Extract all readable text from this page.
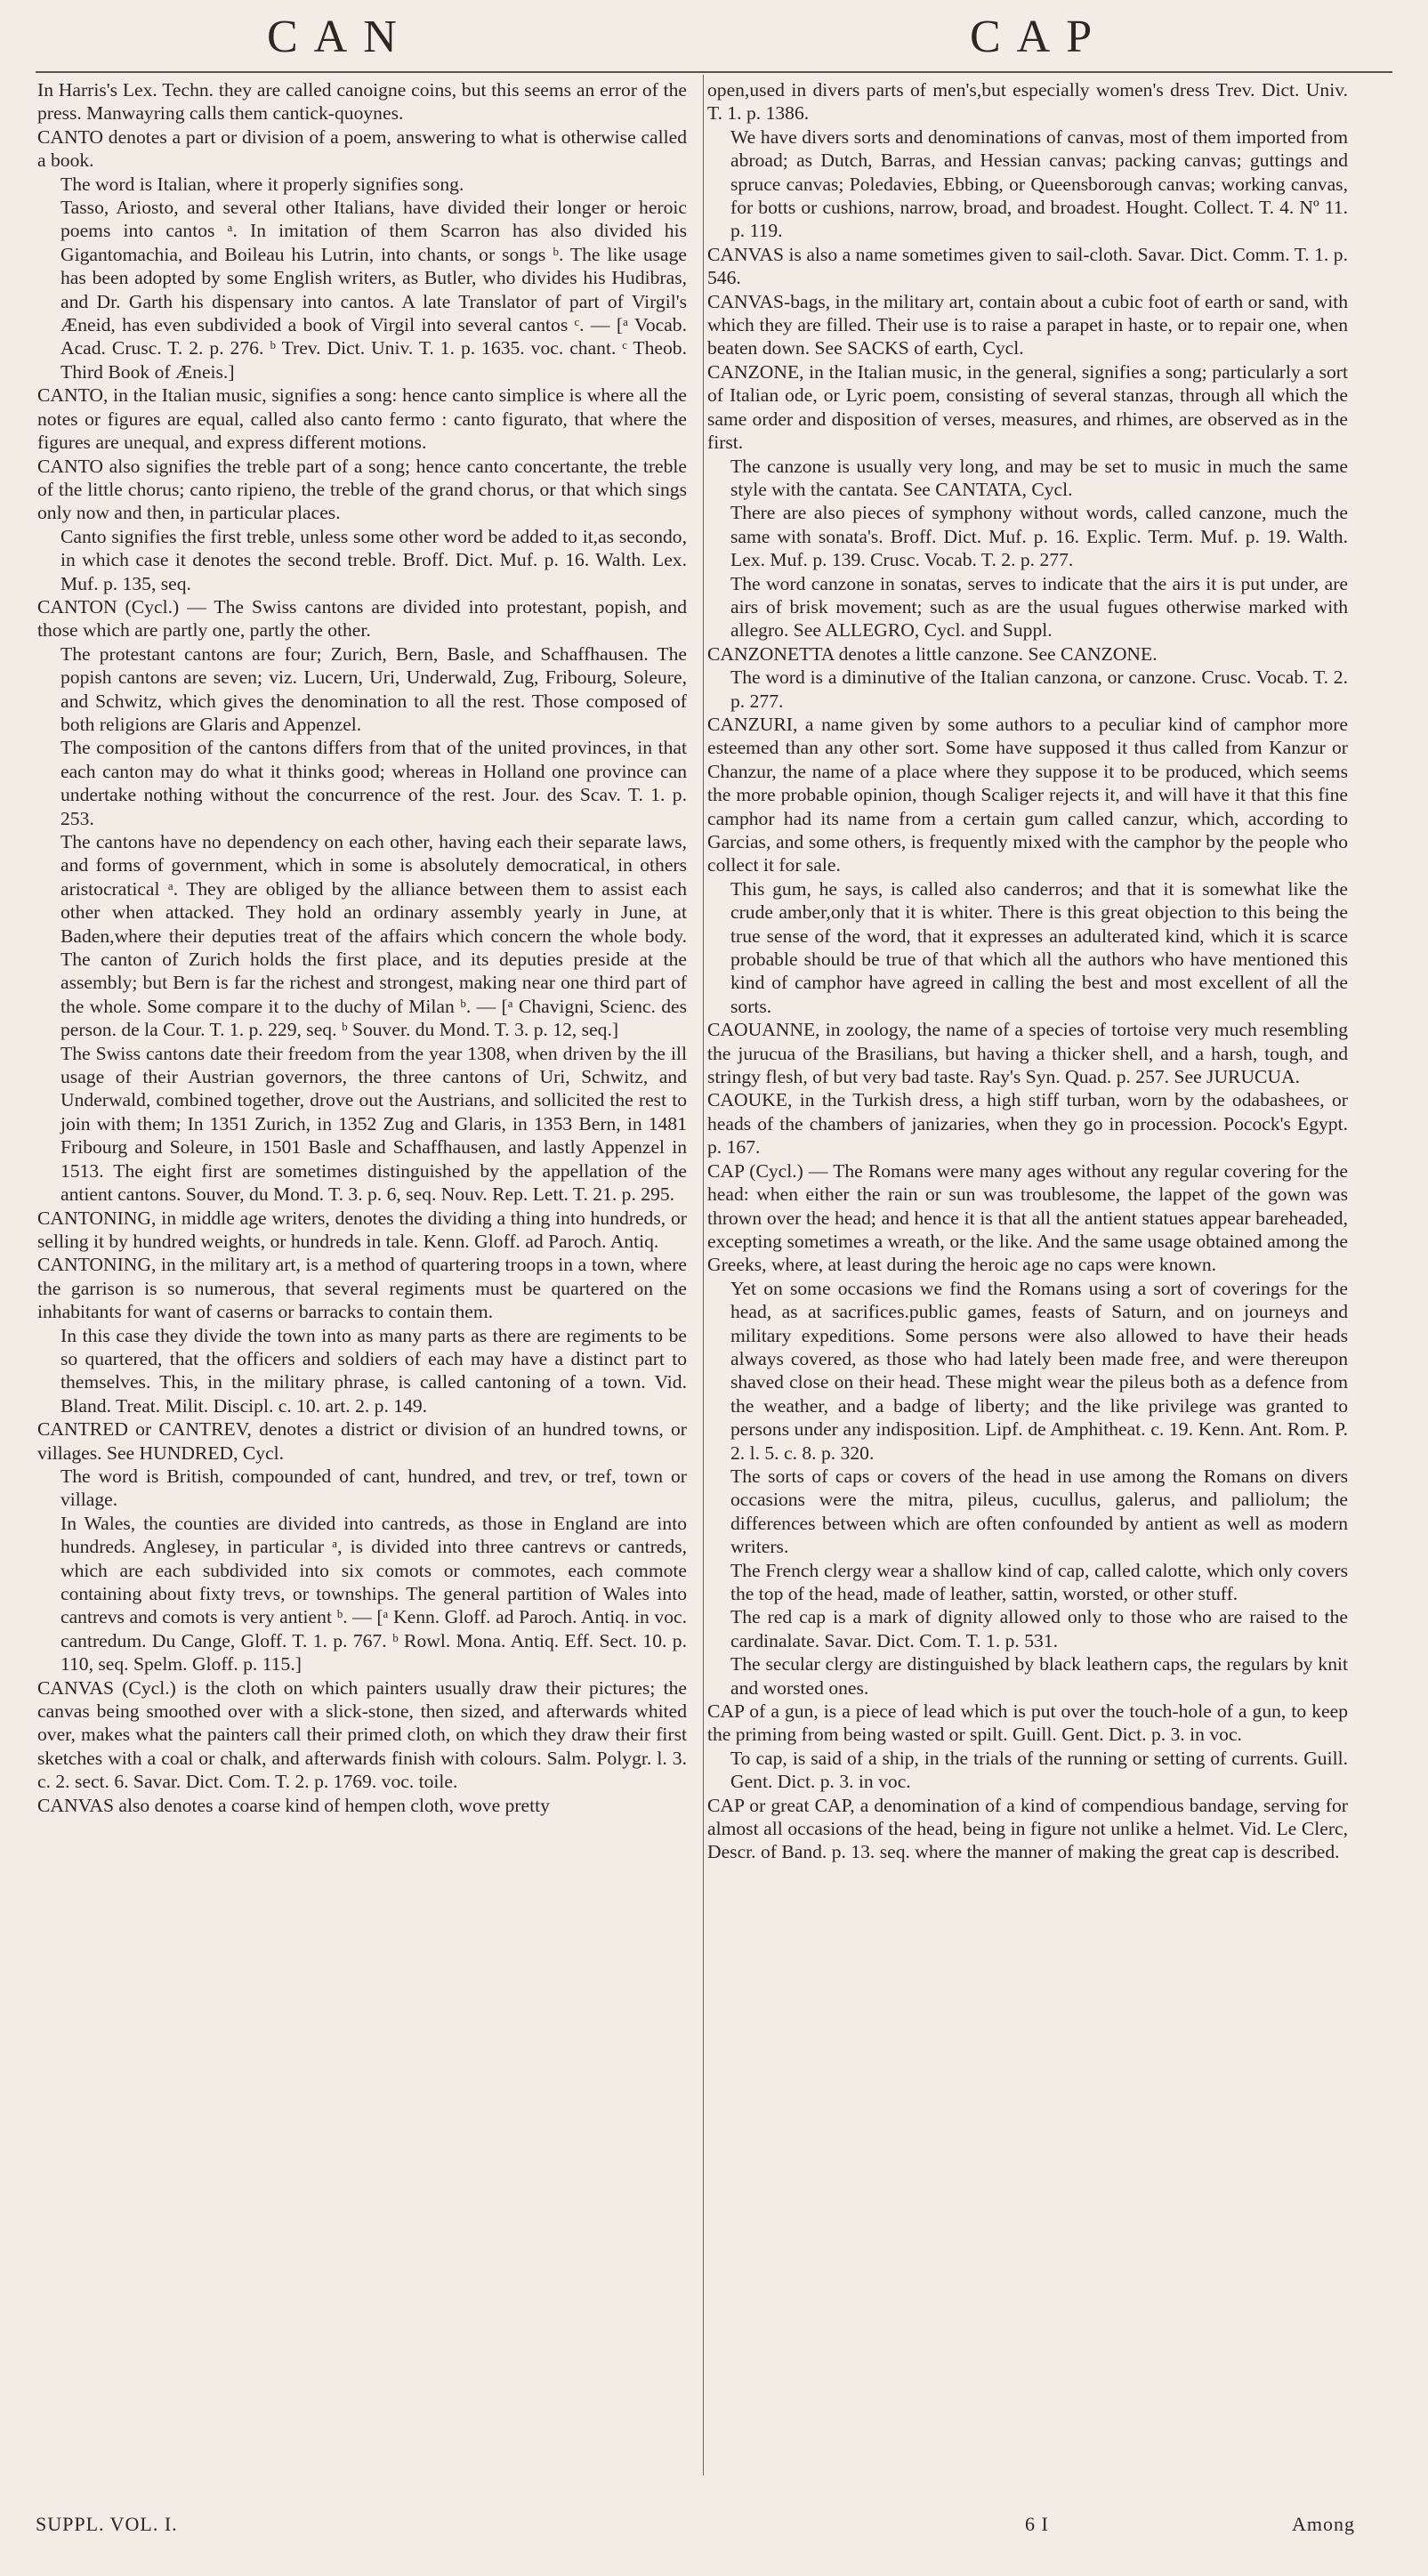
CAN	CAP

In Harris's Lex. Techn. they are called canoigne coins, but this seems an error of the press. Manwayring calls them cantick-quoynes.

CANTO denotes a part or division of a poem, answering to what is otherwise called a book.

The word is Italian, where it properly signifies song.

Tasso, Ariosto, and several other Italians, have divided their longer or heroic poems into cantos ᵃ. In imitation of them Scarron has also divided his Gigantomachia, and Boileau his Lutrin, into chants, or songs ᵇ. The like usage has been adopted by some English writers, as Butler, who divides his Hudibras, and Dr. Garth his dispensary into cantos. A late Translator of part of Virgil's Æneid, has even subdivided a book of Virgil into several cantos ᶜ. — [ᵃ Vocab. Acad. Crusc. T. 2. p. 276. ᵇ Trev. Dict. Univ. T. 1. p. 1635. voc. chant. ᶜ Theob. Third Book of Æneis.]

CANTO, in the Italian music, signifies a song: hence canto simplice is where all the notes or figures are equal, called also canto fermo : canto figurato, that where the figures are unequal, and express different motions.

CANTO also signifies the treble part of a song; hence canto concertante, the treble of the little chorus; canto ripieno, the treble of the grand chorus, or that which sings only now and then, in particular places.

Canto signifies the first treble, unless some other word be added to it,as secondo, in which case it denotes the second treble. Broff. Dict. Muf. p. 16. Walth. Lex. Muf. p. 135, seq.

CANTON (Cycl.) — The Swiss cantons are divided into protestant, popish, and those which are partly one, partly the other.

The protestant cantons are four; Zurich, Bern, Basle, and Schaffhausen. The popish cantons are seven; viz. Lucern, Uri, Underwald, Zug, Fribourg, Soleure, and Schwitz, which gives the denomination to all the rest. Those composed of both religions are Glaris and Appenzel.

The composition of the cantons differs from that of the united provinces, in that each canton may do what it thinks good; whereas in Holland one province can undertake nothing without the concurrence of the rest. Jour. des Scav. T. 1. p. 253.

The cantons have no dependency on each other, having each their separate laws, and forms of government, which in some is absolutely democratical, in others aristocratical ᵃ. They are obliged by the alliance between them to assist each other when attacked. They hold an ordinary assembly yearly in June, at Baden,where their deputies treat of the affairs which concern the whole body. The canton of Zurich holds the first place, and its deputies preside at the assembly; but Bern is far the richest and strongest, making near one third part of the whole. Some compare it to the duchy of Milan ᵇ. — [ᵃ Chavigni, Scienc. des person. de la Cour. T. 1. p. 229, seq. ᵇ Souver. du Mond. T. 3. p. 12, seq.]

The Swiss cantons date their freedom from the year 1308, when driven by the ill usage of their Austrian governors, the three cantons of Uri, Schwitz, and Underwald, combined together, drove out the Austrians, and sollicited the rest to join with them; In 1351 Zurich, in 1352 Zug and Glaris, in 1353 Bern, in 1481 Fribourg and Soleure, in 1501 Basle and Schaffhausen, and lastly Appenzel in 1513. The eight first are sometimes distinguished by the appellation of the antient cantons. Souver, du Mond. T. 3. p. 6, seq. Nouv. Rep. Lett. T. 21. p. 295.

CANTONING, in middle age writers, denotes the dividing a thing into hundreds, or selling it by hundred weights, or hundreds in tale. Kenn. Gloff. ad Paroch. Antiq.

CANTONING, in the military art, is a method of quartering troops in a town, where the garrison is so numerous, that several regiments must be quartered on the inhabitants for want of caserns or barracks to contain them.

In this case they divide the town into as many parts as there are regiments to be so quartered, that the officers and soldiers of each may have a distinct part to themselves. This, in the military phrase, is called cantoning of a town. Vid. Bland. Treat. Milit. Discipl. c. 10. art. 2. p. 149.

CANTRED or CANTREV, denotes a district or division of an hundred towns, or villages. See HUNDRED, Cycl.

The word is British, compounded of cant, hundred, and trev, or tref, town or village.

In Wales, the counties are divided into cantreds, as those in England are into hundreds. Anglesey, in particular ᵃ, is divided into three cantrevs or cantreds, which are each subdivided into six comots or commotes, each commote containing about fixty trevs, or townships. The general partition of Wales into cantrevs and comots is very antient ᵇ. — [ᵃ Kenn. Gloff. ad Paroch. Antiq. in voc. cantredum. Du Cange, Gloff. T. 1. p. 767. ᵇ Rowl. Mona. Antiq. Eff. Sect. 10. p. 110, seq. Spelm. Gloff. p. 115.]

CANVAS (Cycl.) is the cloth on which painters usually draw their pictures; the canvas being smoothed over with a slick-stone, then sized, and afterwards whited over, makes what the painters call their primed cloth, on which they draw their first sketches with a coal or chalk, and afterwards finish with colours. Salm. Polygr. l. 3. c. 2. sect. 6. Savar. Dict. Com. T. 2. p. 1769. voc. toile.

CANVAS also denotes a coarse kind of hempen cloth, wove pretty

open,used in divers parts of men's,but especially women's dress Trev. Dict. Univ. T. 1. p. 1386.

We have divers sorts and denominations of canvas, most of them imported from abroad; as Dutch, Barras, and Hessian canvas; packing canvas; guttings and spruce canvas; Poledavies, Ebbing, or Queensborough canvas; working canvas, for botts or cushions, narrow, broad, and broadest. Hought. Collect. T. 4. Nº 11. p. 119.

CANVAS is also a name sometimes given to sail-cloth. Savar. Dict. Comm. T. 1. p. 546.

CANVAS-bags, in the military art, contain about a cubic foot of earth or sand, with which they are filled. Their use is to raise a parapet in haste, or to repair one, when beaten down. See SACKS of earth, Cycl.

CANZONE, in the Italian music, in the general, signifies a song; particularly a sort of Italian ode, or Lyric poem, consisting of several stanzas, through all which the same order and disposition of verses, measures, and rhimes, are observed as in the first.

The canzone is usually very long, and may be set to music in much the same style with the cantata. See CANTATA, Cycl.

There are also pieces of symphony without words, called canzone, much the same with sonata's. Broff. Dict. Muf. p. 16. Explic. Term. Muf. p. 19. Walth. Lex. Muf. p. 139. Crusc. Vocab. T. 2. p. 277.

The word canzone in sonatas, serves to indicate that the airs it is put under, are airs of brisk movement; such as are the usual fugues otherwise marked with allegro. See ALLEGRO, Cycl. and Suppl.

CANZONETTA denotes a little canzone. See CANZONE.

The word is a diminutive of the Italian canzona, or canzone. Crusc. Vocab. T. 2. p. 277.

CANZURI, a name given by some authors to a peculiar kind of camphor more esteemed than any other sort. Some have supposed it thus called from Kanzur or Chanzur, the name of a place where they suppose it to be produced, which seems the more probable opinion, though Scaliger rejects it, and will have it that this fine camphor had its name from a certain gum called canzur, which, according to Garcias, and some others, is frequently mixed with the camphor by the people who collect it for sale.

This gum, he says, is called also canderros; and that it is somewhat like the crude amber,only that it is whiter. There is this great objection to this being the true sense of the word, that it expresses an adulterated kind, which it is scarce probable should be true of that which all the authors who have mentioned this kind of camphor have agreed in calling the best and most excellent of all the sorts.

CAOUANNE, in zoology, the name of a species of tortoise very much resembling the jurucua of the Brasilians, but having a thicker shell, and a harsh, tough, and stringy flesh, of but very bad taste. Ray's Syn. Quad. p. 257. See JURUCUA.

CAOUKE, in the Turkish dress, a high stiff turban, worn by the odabashees, or heads of the chambers of janizaries, when they go in procession. Pocock's Egypt. p. 167.

CAP (Cycl.) — The Romans were many ages without any regular covering for the head: when either the rain or sun was troublesome, the lappet of the gown was thrown over the head; and hence it is that all the antient statues appear bareheaded, excepting sometimes a wreath, or the like. And the same usage obtained among the Greeks, where, at least during the heroic age no caps were known.

Yet on some occasions we find the Romans using a sort of coverings for the head, as at sacrifices.public games, feasts of Saturn, and on journeys and military expeditions. Some persons were also allowed to have their heads always covered, as those who had lately been made free, and were thereupon shaved close on their head. These might wear the pileus both as a defence from the weather, and a badge of liberty; and the like privilege was granted to persons under any indisposition. Lipf. de Amphitheat. c. 19. Kenn. Ant. Rom. P. 2. l. 5. c. 8. p. 320.

The sorts of caps or covers of the head in use among the Romans on divers occasions were the mitra, pileus, cucullus, galerus, and palliolum; the differences between which are often confounded by antient as well as modern writers.

The French clergy wear a shallow kind of cap, called calotte, which only covers the top of the head, made of leather, sattin, worsted, or other stuff.

The red cap is a mark of dignity allowed only to those who are raised to the cardinalate. Savar. Dict. Com. T. 1. p. 531.

The secular clergy are distinguished by black leathern caps, the regulars by knit and worsted ones.

CAP of a gun, is a piece of lead which is put over the touch-hole of a gun, to keep the priming from being wasted or spilt. Guill. Gent. Dict. p. 3. in voc.

To cap, is said of a ship, in the trials of the running or setting of currents. Guill. Gent. Dict. p. 3. in voc.

CAP or great CAP, a denomination of a kind of compendious bandage, serving for almost all occasions of the head, being in figure not unlike a helmet. Vid. Le Clerc, Descr. of Band. p. 13. seq. where the manner of making the great cap is described.

SUPPL. VOL. I.	6 I	Among
